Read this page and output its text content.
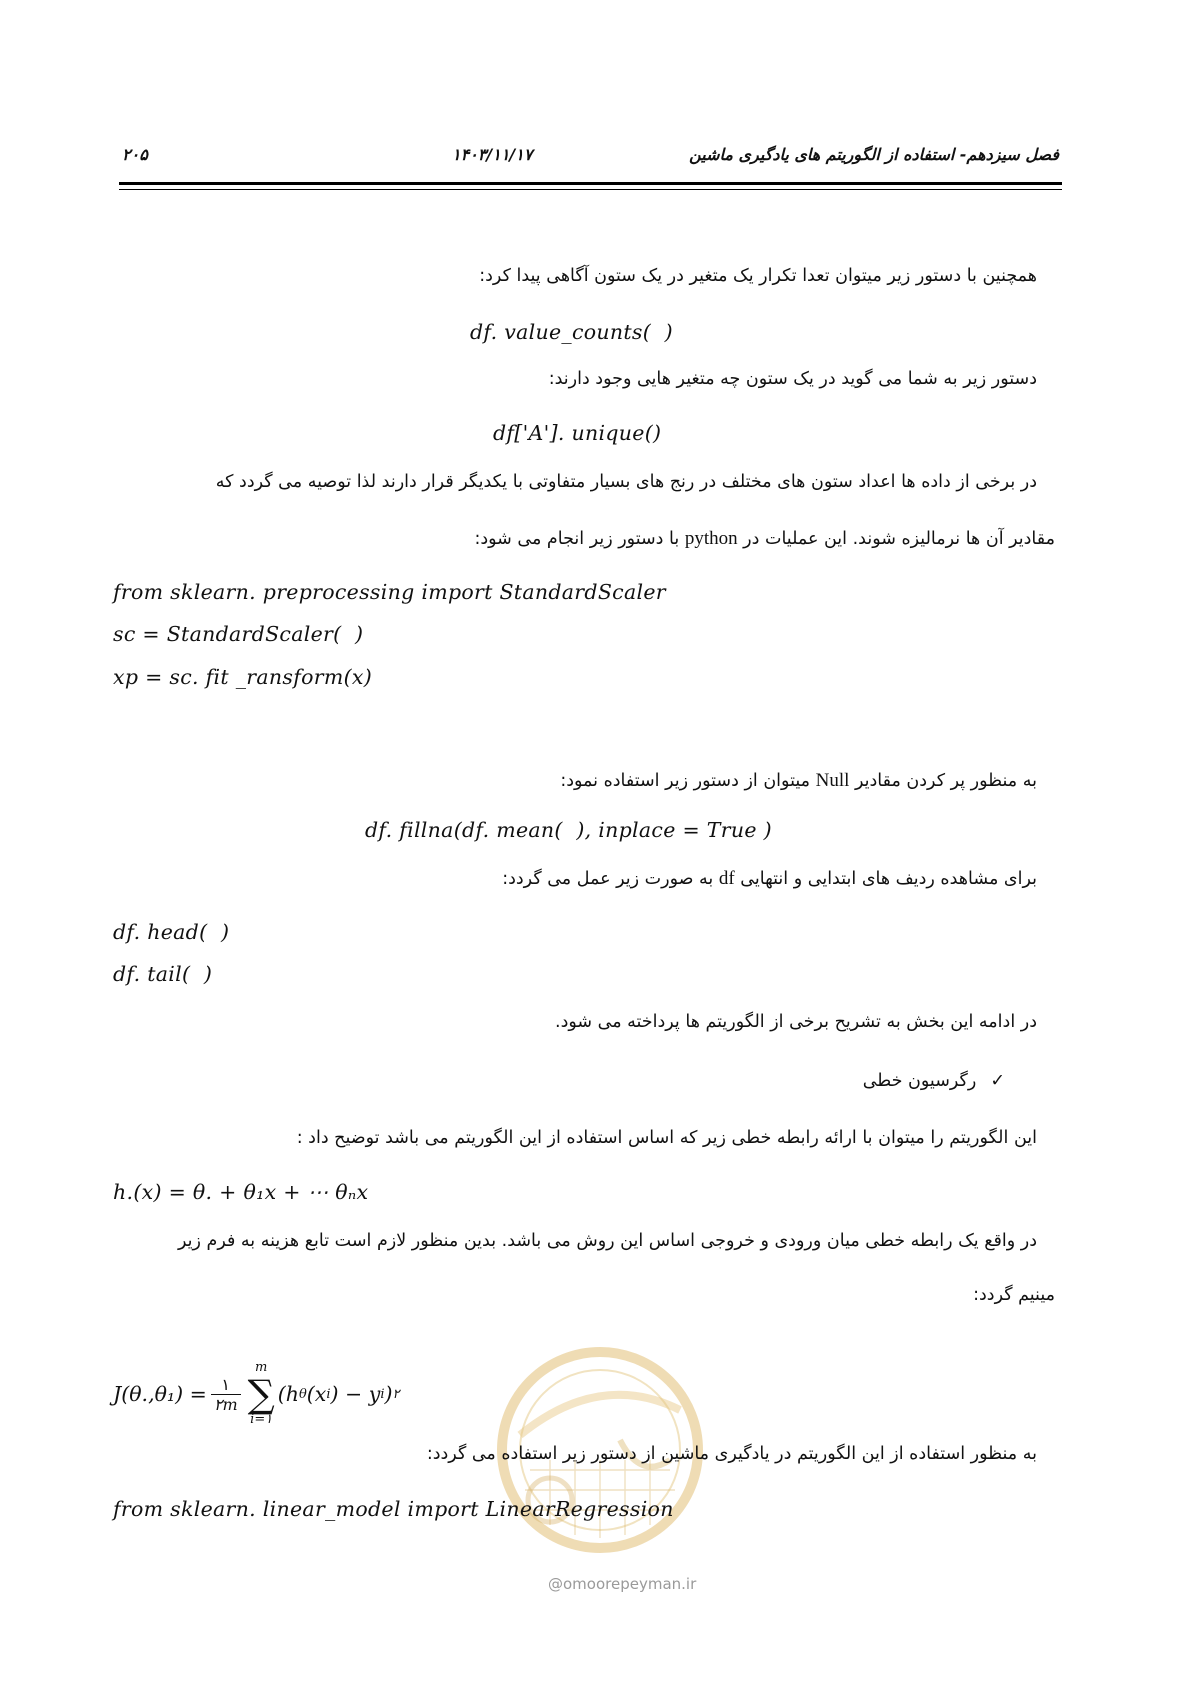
فصل سیزدهم- استفاده از الگوریتم های یادگیری ماشین
۱۴۰۳/۱۱/۱۷
۲۰۵
همچنین با دستور زیر میتوان تعدا تکرار یک متغیر در یک ستون آگاهی پیدا کرد:
df. value_counts(  )
دستور زیر به شما می گوید در یک ستون چه متغیر هایی وجود دارند:
df['A']. unique()
در برخی از داده ها اعداد ستون های مختلف در رنج های بسیار متفاوتی با یکدیگر قرار دارند لذا توصیه می گردد که
مقادیر آن ها نرمالیزه شوند. این عملیات در python با دستور زیر انجام می شود:
from sklearn. preprocessing import StandardScaler
sc = StandardScaler(  )
xp = sc. fit _ransform(x)
به منظور پر کردن مقادیر Null میتوان از دستور زیر استفاده نمود:
df. fillna(df. mean(  ), inplace = True )
برای مشاهده ردیف های ابتدایی و انتهایی df به صورت زیر عمل می گردد:
df. head(  )
df. tail(  )
در ادامه این بخش به تشریح برخی از الگوریتم ها پرداخته می شود.
✓رگرسیون خطی
این الگوریتم را میتوان با ارائه رابطه خطی زیر که اساس استفاده از این الگوریتم می باشد توضیح داد :
h.(x) = θ. + θ₁x + ⋯ θₙx
در واقع یک رابطه خطی میان ورودی و خروجی اساس این روش می باشد. بدین منظور لازم است تابع هزینه به فرم زیر
مینیم گردد:
$J(\theta.,\theta_1) = \frac{۱}{۲m}$
m
∑
i=۱
(h θ (x i ) − y i ) ۲
به منظور استفاده از این الگوریتم در یادگیری ماشین از دستور زیر استفاده می گردد:
from sklearn. linear_model import LinearRegression
@omoorepeyman.ir
